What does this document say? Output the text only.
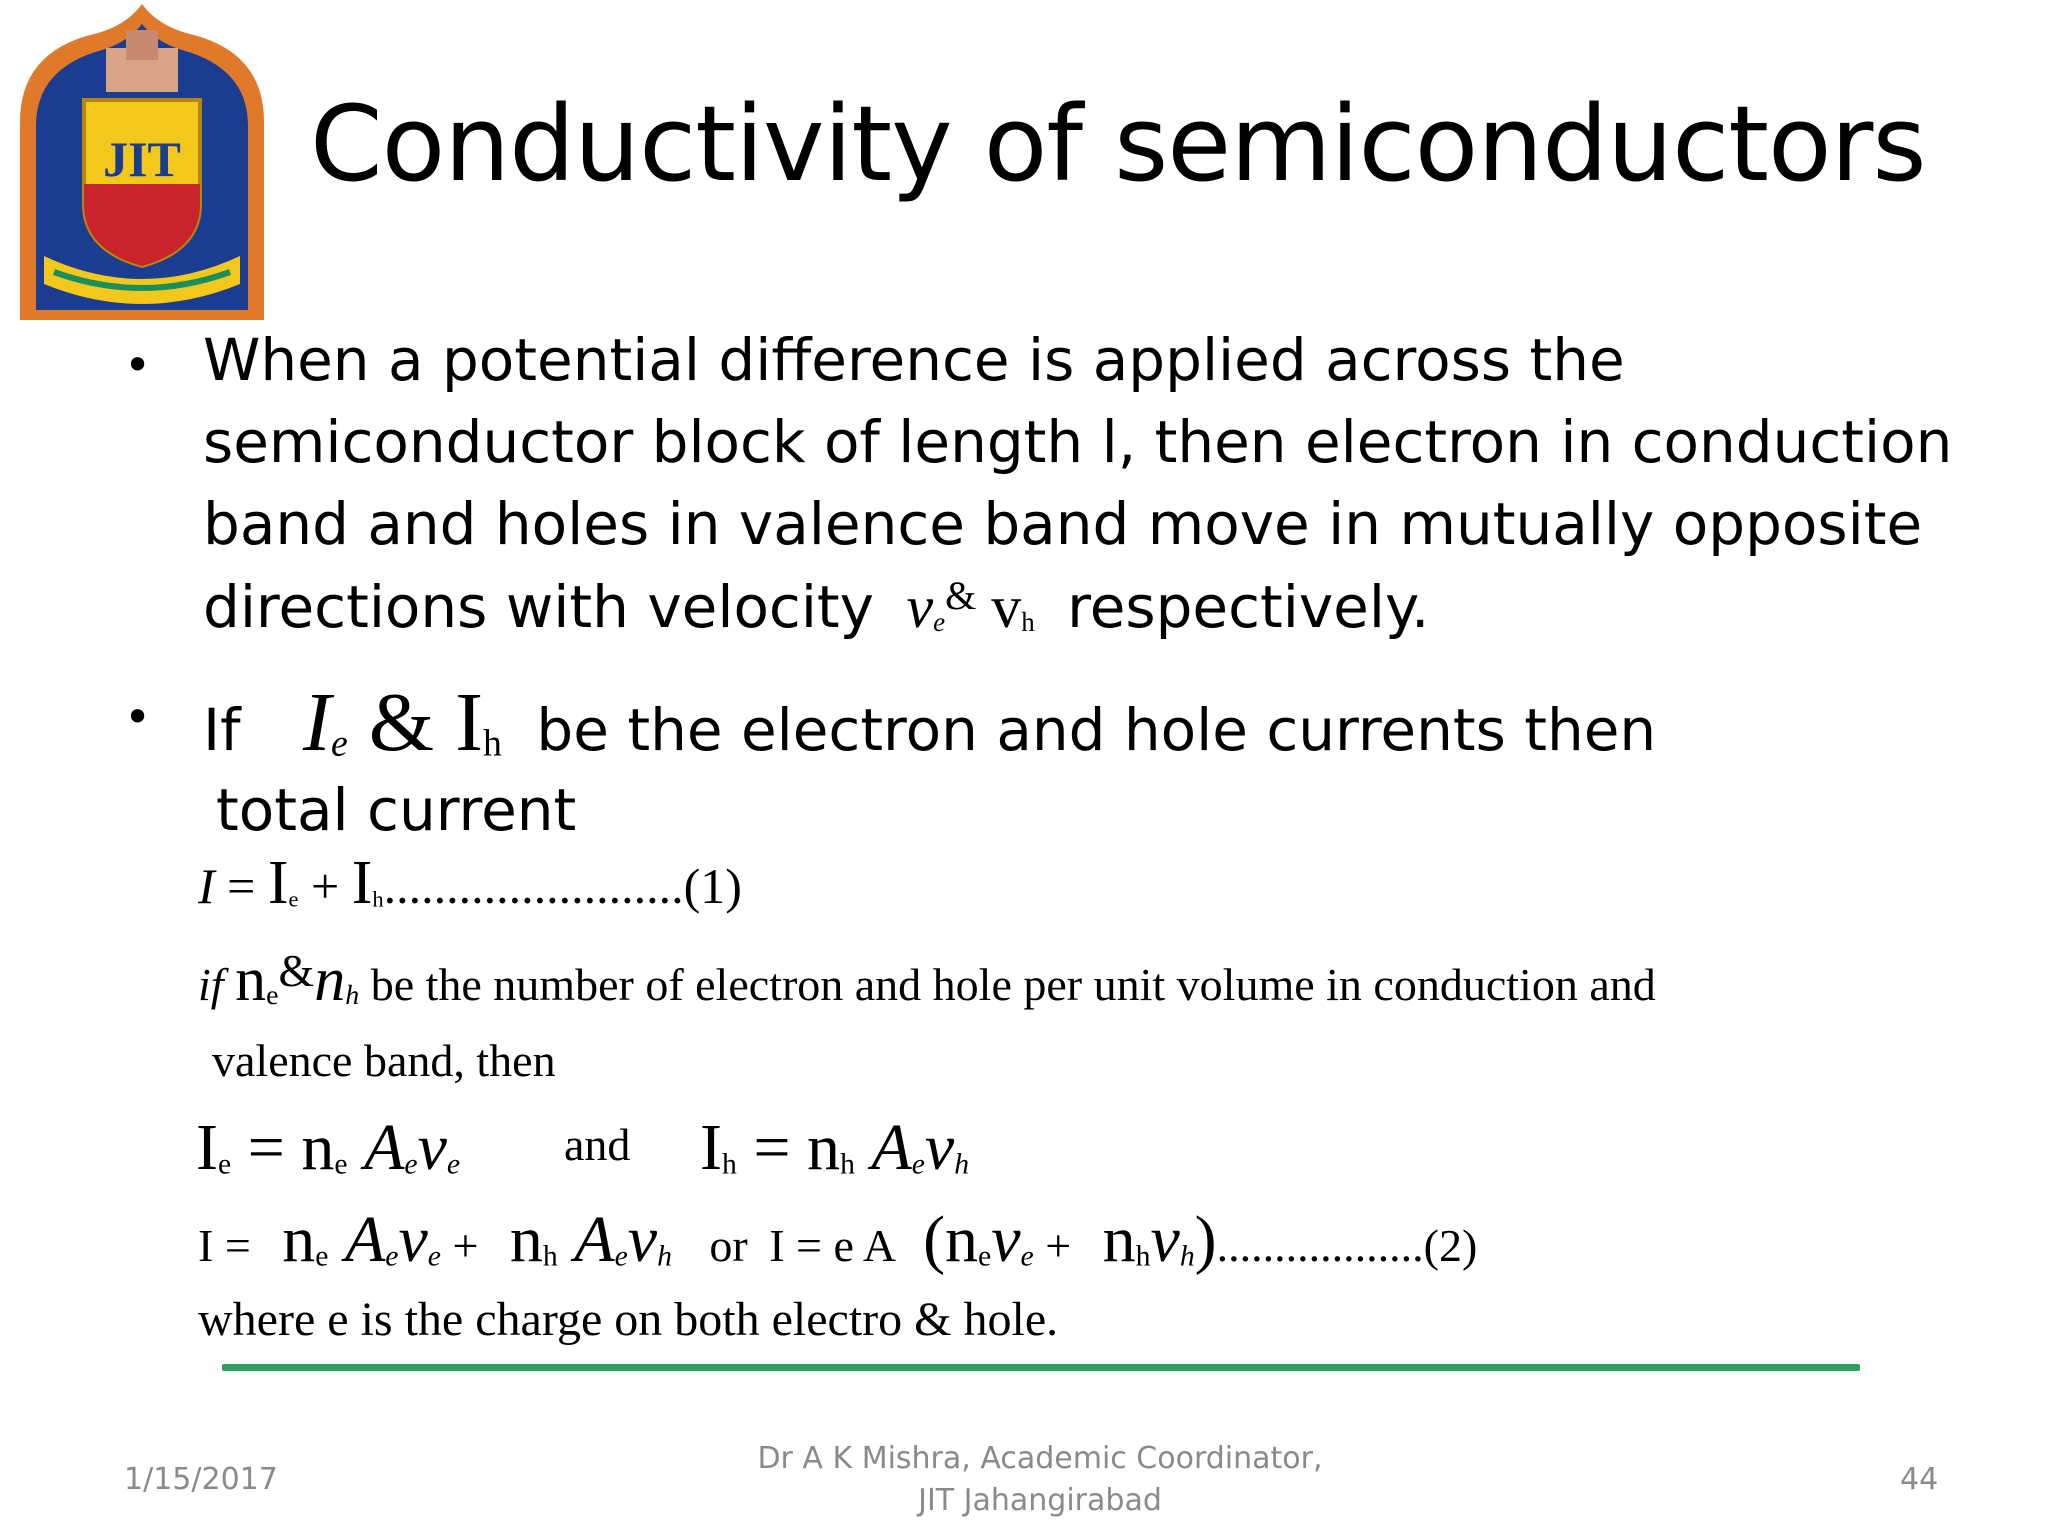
JIT Conductivity of semiconductors
• When a potential difference is applied across the
semiconductor block of length l, then electron in conduction
band and holes in valence band move in mutually opposite
directions with velocity ve& vh respectively.
• If Ie & Ih be the electron and hole currents then
total current
I = Ie + Ih........................(1)
if ne&nh be the number of electron and hole per unit volume in conduction and
valence band, then
Ie = ne Aeve and Ih = nh Aevh
I = ne Aeve + nh Aevh or I = e A (neve + nhvh)..................(2)
where e is the charge on both electro & hole.
1/15/2017
Dr A K Mishra, Academic Coordinator,
JIT Jahangirabad
44
